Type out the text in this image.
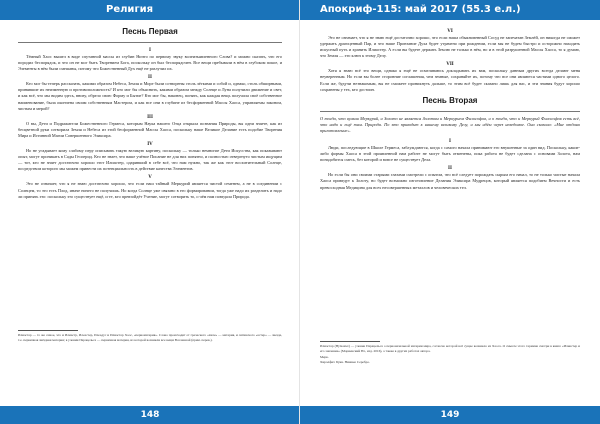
Религия
Песнь Первая
I
Тёмный Хаос вышел в виде спутанной массы из глубин Ничто по первому звуку волеизъявленного Слова? и можно сказать, что его породил беспорядок, и что он не мог быть Творением Бога, поскольку он был беспорядочен. Все вещи пребывали в нём в глубоком покое, и Элементы в нём были смешаны, потому что Божественный Дух ещё не разлучил их.
II
Кто мог бы теперь рассказать, какими образом Небеса, Земля и Море были сотворены столь лёгкими и собой и, однако, столь обширными, принявшие их неизменную и противоположность? И кто мог бы объяснить, какими образом между Солнце и Луна получили движение и свет, и как всё, что мы видим здесь, внизу, обрело свою Форму и Бытие? Кто мог бы, наконец, понять, как каждая вещь получила своё собственное наименование, была окончена своим собственным Мастером, и как все они в глубине из бесформенной Массы Хаоса, управляемы законом, чистым и мерой?
III
О вы, Дети и Подражатели Божественного Гермеса, которым Наука нашего Отца открыла познания Природы, вы одни знаете, как из бесцветной руки сотворила Земля и Небеса из этой бесформенной Массы Хаоса, поскольку наше Великое Делание есть подобие Творения Мира и Истинной Магии Совершенного Эликсира.
IV
Но не угадывает кому слабому перу описывать такую великую картину, поскольку — только немногие Дети Искусства, как показывают опыт, могут проникать в Сады Гесперид. Кто не знает, что ваше учёное Писание не для них понятно, и полностью отвергнуто чистым ищущим — тот, кто не знает достаточно хорошо этот Илиастер, одаривший в себе всё, что нам нужно, так же как этот восхитительный Солнце, посредством которого мы можем привести их потенциальность в действие качества Элементов.
V
Это не означает, что я не знаю достаточно хорошо, что если наш тайный Меркурий является чистой семенем, а не в соединении с Солнцем, то это есть Плод, иначе ничего не получишь. Но когда Солнце уже связано в его формировании, тогда уже надо их разделить и надо ли принять это: поскольку это существует ещё, и те, кто превзойдёт Учение, могут сотворить то, о чём нам поведала Природа.
Илиастер — то же самое, что и Илиастр, Илеастер, Илеадус и Илиастер Хаос, «первоматерия». Слово происходит от греческого «хиле» — материя, и латинского «астер» — звезда, т.е. первичная звёздная материя; в учении Парацельса — первичная материя, из которой возникли все вещи Вселенной (прим. перев.).
148
Апокриф-115: май 2017 (55.3 е.л.)
VI
Это не означает, что я не знаю ещё достаточно хорошо, что если наша обыкновенный Сосуд не запечатан Землёй, он никогда не сможет удержать драгоценный Пар, и что наше Пронзание Духа будет утрачено при рождении, если мы не будем быстро и осторожно находить искусный путь и хранить Илиастер. А если вы будете держать Землю не только в нём, но и в этой разрушенной Массы Хаоса, то я думаю, что Земля — это ключ к этому Делу.
VII
Хотя я знаю всё это вещи, однако я ещё не осмеливаюсь докладывать их вам, поскольку данным других всегда делают меня неуверенным. Но если вы более сторонние соглашения, чем земные, сохраняйте их, потому что все они являются частями одного целого. Если же, будучи незнакомым, вы не сможете проникнуть дальше, то этим всё будет сказано лишь для вас, и эти знания будут хорошо сохранены у тех, кто достоин.
Песнь Вторая
О тогда, что вулкан Меркурий, и Золото не является Золотом и Меркурием Философов, и о тогда, что и Меркурий Философов есть всё, что надо и ещё там. Природа. По это приводит к нашему великому Делу, и мы идём через неведомое. Она сказала: «Мне отдано приготовление».
I
Люди, последующие в Школе Гермеса, заблуждаются, когда с самого начала принимают его внушенные за один вид. Поскольку, какие-либо формы Хаоса в этой проявленной нам работе не могут быть отменены, пока работа не будет сделана с основами Золота, нам понадобится смесь, без которой и вовсе не существует Дела.
II
Но если бы они своими старыми глазами смотрели с опытом, что всё следует порождать сырым его начал, то не только чистые начала Хаоса приведут к Золоту, но будет возможно изготовление Делания Эликсира Мудрецов, который является подобием Вечности и есть превосходная Медицина для всех несовершенных металлов и человеческих тел.
Илиастер (Hyleaster) — учение Парацельса о первоначальной материи мира, согласно которой всё сущее возникло из Хаоса. О смысле этого термина смотри в книге «Илиастер и его значение» (Мориенский Ю., изд. 2016), а также в других работах автора.
Мерк.
Хиралфит. Букв. Нижнее Серебро.
149
